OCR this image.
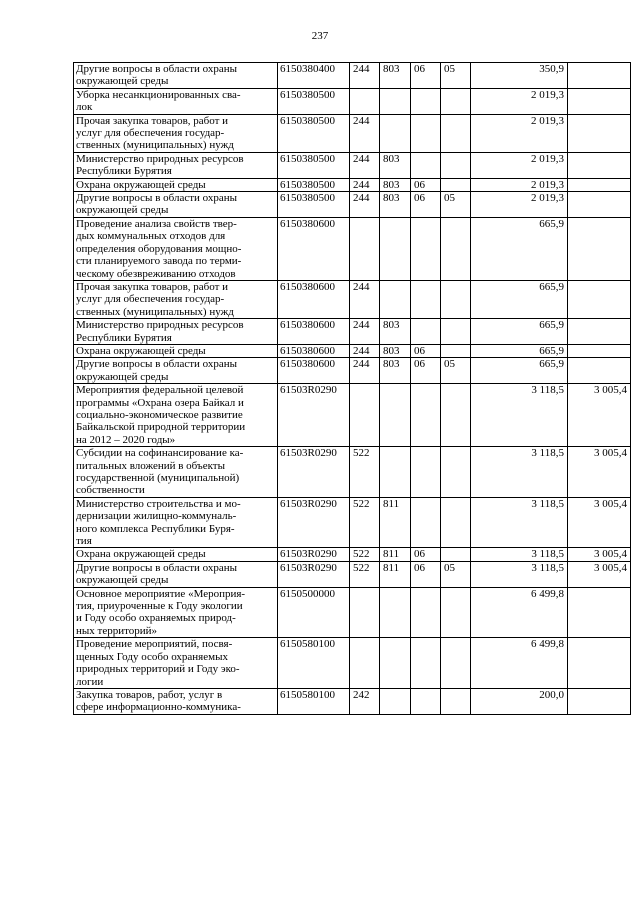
237
Другие вопросы в области охраны
окружающей среды	6150380400	244	803	06	05	350,9	
Уборка несанкционированных сва-
лок	6150380500					2 019,3	
Прочая закупка товаров, работ и
услуг для обеспечения государ-
ственных (муниципальных) нужд	6150380500	244				2 019,3	
Министерство природных ресурсов
Республики Бурятия	6150380500	244	803			2 019,3	
Охрана окружающей среды	6150380500	244	803	06		2 019,3	
Другие вопросы в области охраны
окружающей среды	6150380500	244	803	06	05	2 019,3	
Проведение анализа свойств твер-
дых коммунальных отходов для
определения оборудования мощно-
сти планируемого завода по терми-
ческому обезвреживанию отходов	6150380600					665,9	
Прочая закупка товаров, работ и
услуг для обеспечения государ-
ственных (муниципальных) нужд	6150380600	244				665,9	
Министерство природных ресурсов
Республики Бурятия	6150380600	244	803			665,9	
Охрана окружающей среды	6150380600	244	803	06		665,9	
Другие вопросы в области охраны
окружающей среды	6150380600	244	803	06	05	665,9	
Мероприятия федеральной целевой
программы «Охрана озера Байкал и
социально-экономическое развитие
Байкальской природной территории
на 2012 – 2020 годы»	61503R0290					3 118,5	3 005,4
Субсидии на софинансирование ка-
питальных вложений в объекты
государственной (муниципальной)
собственности	61503R0290	522				3 118,5	3 005,4
Министерство строительства и мо-
дернизации жилищно-коммуналь-
ного комплекса Республики Буря-
тия	61503R0290	522	811			3 118,5	3 005,4
Охрана окружающей среды	61503R0290	522	811	06		3 118,5	3 005,4
Другие вопросы в области охраны
окружающей среды	61503R0290	522	811	06	05	3 118,5	3 005,4
Основное мероприятие «Мероприя-
тия, приуроченные к Году экологии
и Году особо охраняемых природ-
ных территорий»	6150500000					6 499,8	
Проведение мероприятий, посвя-
щенных Году особо охраняемых
природных территорий и Году эко-
логии	6150580100					6 499,8	
Закупка товаров, работ, услуг в
сфере информационно-коммуника-	6150580100	242				200,0	
